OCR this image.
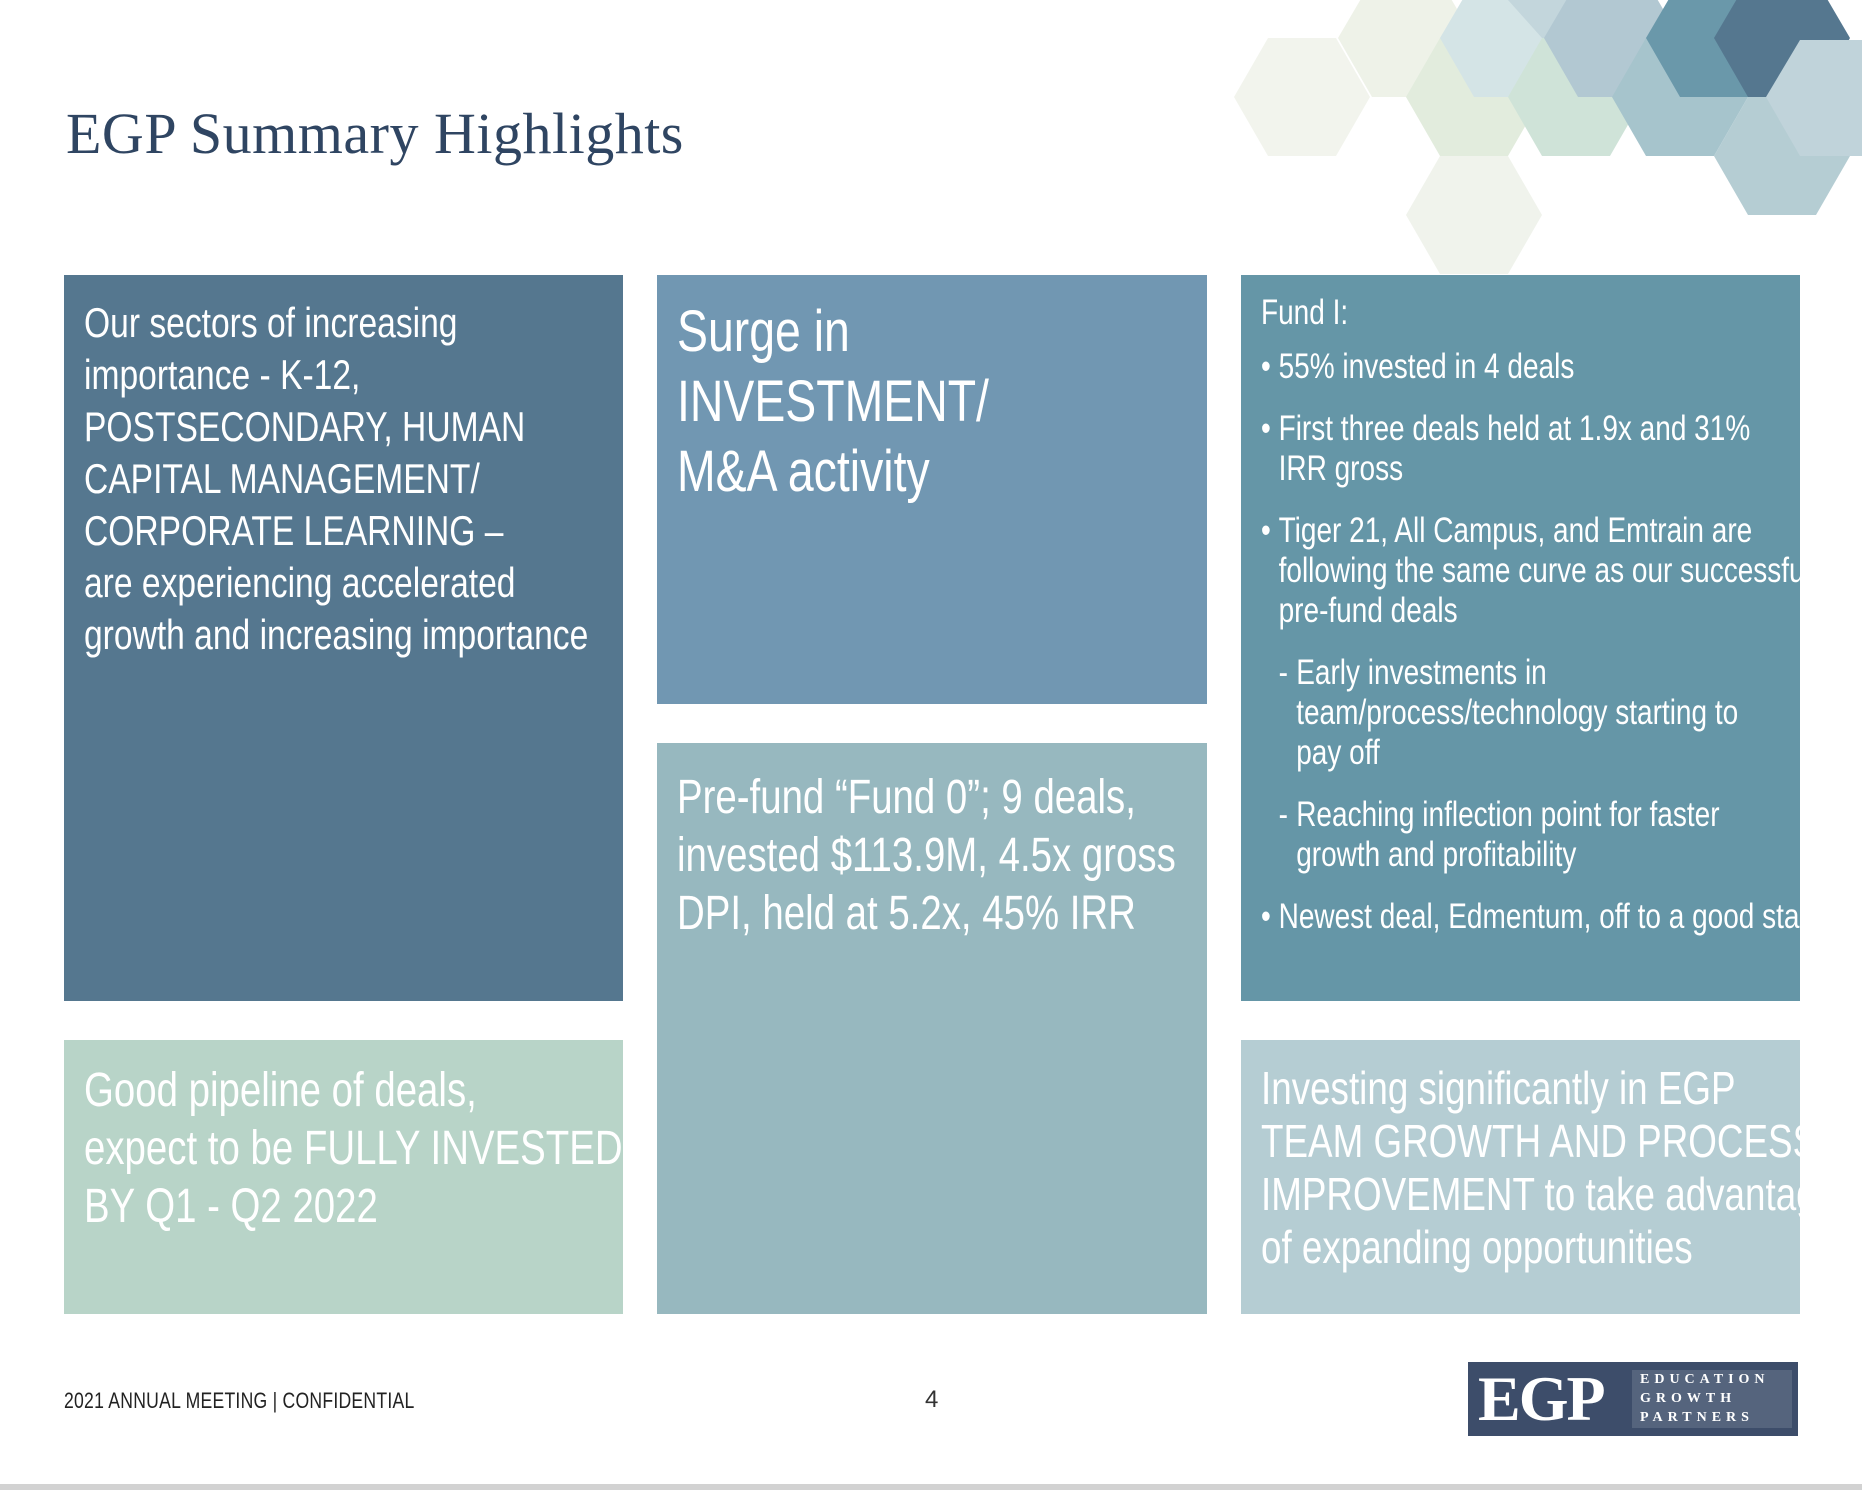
EGP Summary Highlights
Our sectors of increasing
importance - K-12,
POSTSECONDARY, HUMAN
CAPITAL MANAGEMENT/
CORPORATE LEARNING –
are experiencing accelerated
growth and increasing importance
Surge in
INVESTMENT/
M&A activity
Pre-fund “Fund 0”; 9 deals,
invested $113.9M, 4.5x gross
DPI, held at 5.2x, 45% IRR
Fund I:
• 55% invested in 4 deals
• First three deals held at 1.9x and 31%
IRR gross
• Tiger 21, All Campus, and Emtrain are
following the same curve as our successful
pre-fund deals
- Early investments in
team/process/technology starting to
pay off
- Reaching inflection point for faster
growth and profitability
• Newest deal, Edmentum, off to a good start
Good pipeline of deals,
expect to be FULLY INVESTED
BY Q1 - Q2 2022
Investing significantly in EGP
TEAM GROWTH AND PROCESS
IMPROVEMENT to take advantage
of expanding opportunities
2021 ANNUAL MEETING | CONFIDENTIAL	4	EGP	EDUCATION
GROWTH
PARTNERS
